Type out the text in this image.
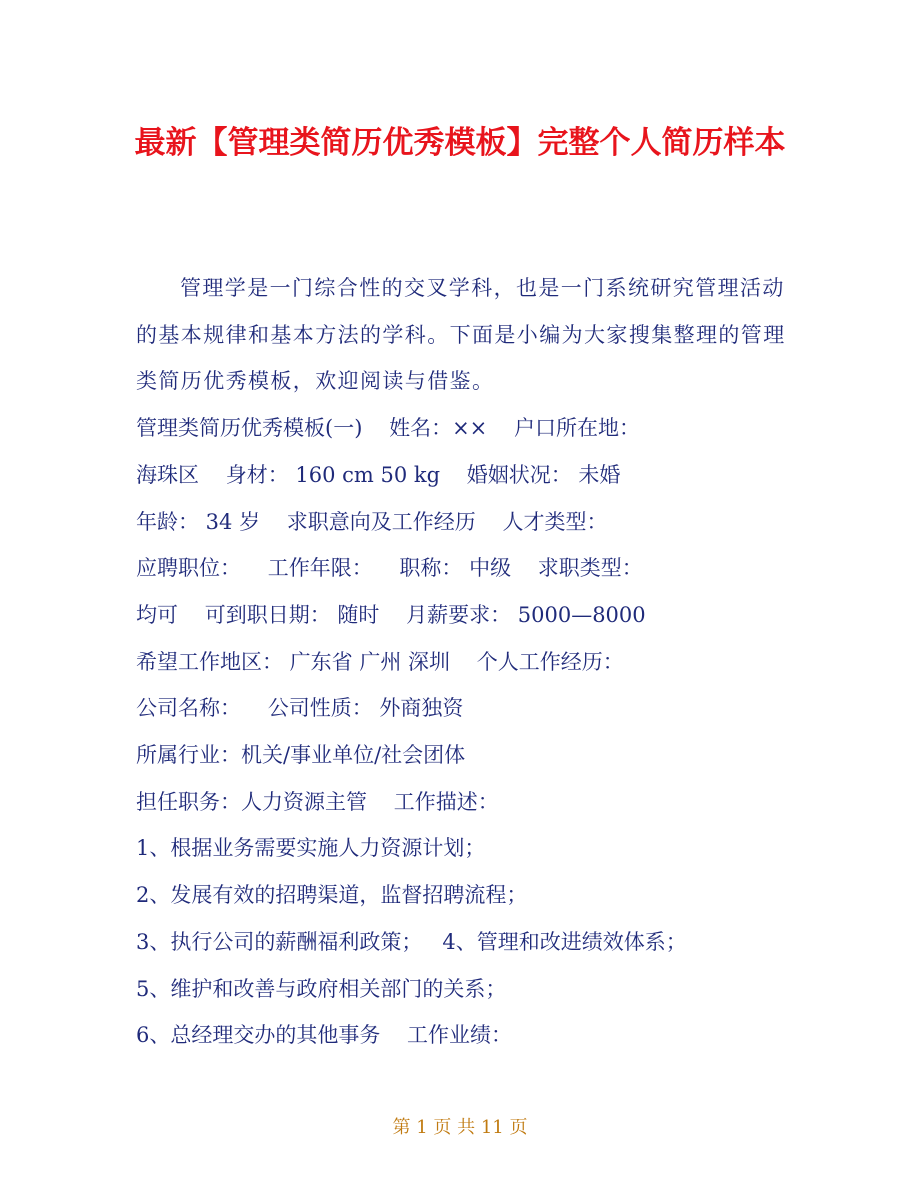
最新【管理类简历优秀模板】完整个人简历样本

管理学是一门综合性的交叉学科，也是一门系统研究管理活动的基本规律和基本方法的学科。下面是小编为大家搜集整理的管理类简历优秀模板，欢迎阅读与借鉴。

管理类简历优秀模板(一)    姓名：××    户口所在地：

海珠区    身材： 160 cm 50 kg    婚姻状况： 未婚

年龄： 34 岁    求职意向及工作经历    人才类型：

应聘职位：    工作年限：    职称： 中级    求职类型：

均可    可到职日期： 随时    月薪要求： 5000—8000

希望工作地区： 广东省 广州 深圳    个人工作经历：

公司名称：    公司性质： 外商独资

所属行业：机关/事业单位/社会团体

担任职务：人力资源主管    工作描述：

1、根据业务需要实施人力资源计划；

2、发展有效的招聘渠道，监督招聘流程；

3、执行公司的薪酬福利政策；   4、管理和改进绩效体系；

5、维护和改善与政府相关部门的关系；

6、总经理交办的其他事务    工作业绩：

第 1 页 共 11 页
